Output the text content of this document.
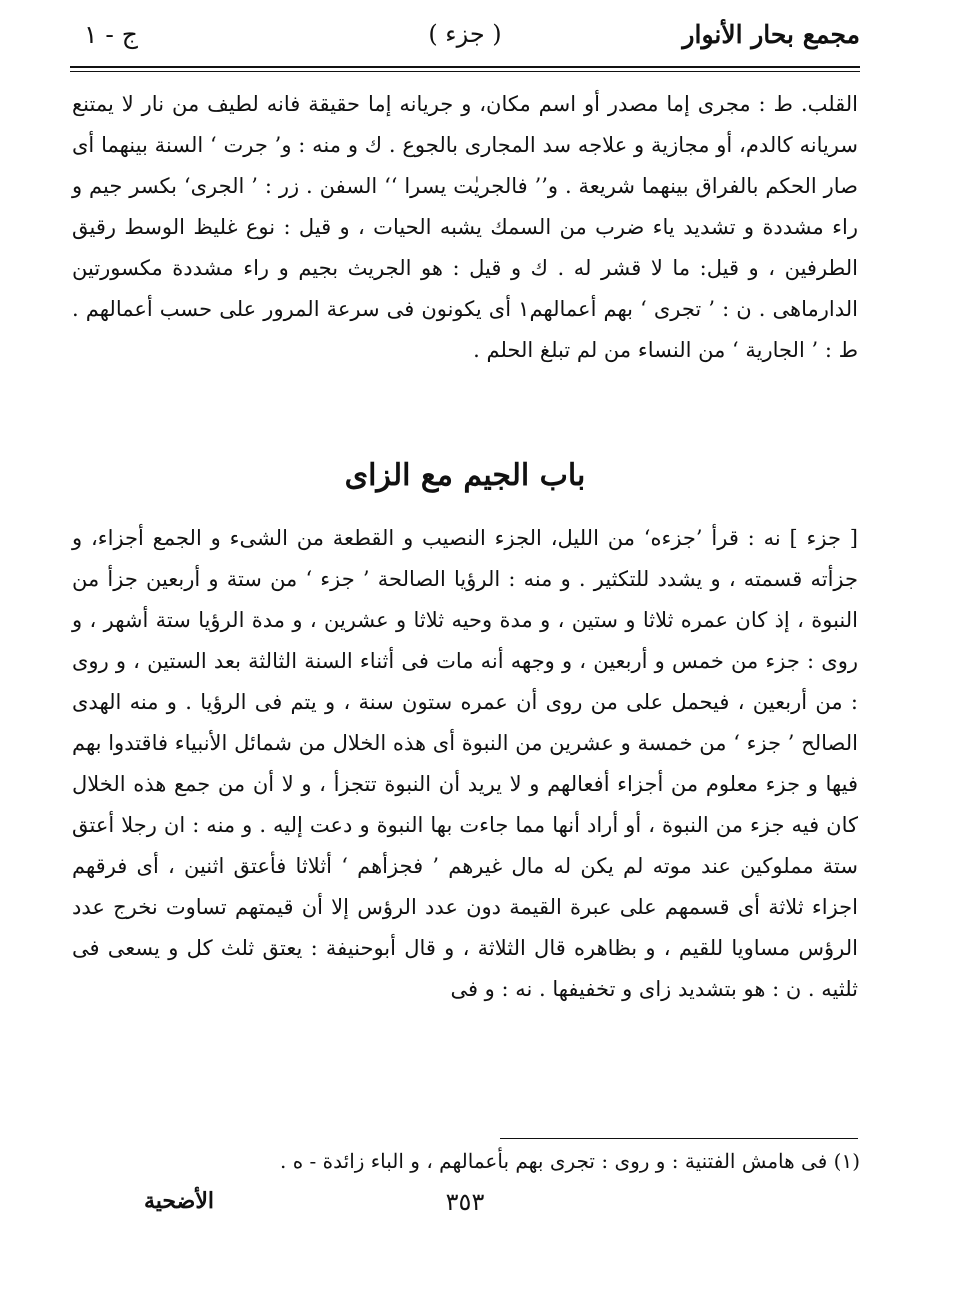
مجمع بحار الأنوار
( جزء )
ج - ١

القلب. ط : مجرى إما مصدر أو اسم مكان، و جريانه إما حقيقة فانه لطيف من نار لا يمتنع سريانه كالدم، أو مجازية و علاجه سد المجارى بالجوع . ك و منه : و’ جرت ‘ السنة بينهما أى صار الحكم بالفراق بينهما شريعة . و’’ فالجريٰت يسرا ‘‘ السفن . زر : ’ الجرى‘ بكسر جيم و راء مشددة و تشديد ياء ضرب من السمك يشبه الحيات ، و قيل : نوع غليظ الوسط رقيق الطرفين ، و قيل: ما لا قشر له . ك و قيل : هو الجريث بجيم و راء مشددة مكسورتين الدارماهى . ن : ’ تجرى ‘ بهم أعمالهم١ أى يكونون فى سرعة المرور على حسب أعمالهم . ط : ’ الجارية ‘ من النساء من لم تبلغ الحلم .

باب الجيم مع الزاى

[ جزء ] نه : قرأ ’جزءه‘ من الليل، الجزء النصيب و القطعة من الشىء و الجمع أجزاء، و جزأته قسمته ، و يشدد للتكثير . و منه : الرؤيا الصالحة ’ جزء ‘ من ستة و أربعين جزأ من النبوة ، إذ كان عمره ثلاثا و ستين ، و مدة وحيه ثلاثا و عشرين ، و مدة الرؤيا ستة أشهر ، و روى : جزء من خمس و أربعين ، و وجهه أنه مات فى أثناء السنة الثالثة بعد الستين ، و روى : من أربعين ، فيحمل على من روى أن عمره ستون سنة ، و يتم فى الرؤيا . و منه الهدى الصالح ’ جزء ‘ من خمسة و عشرين من النبوة أى هذه الخلال من شمائل الأنبياء فاقتدوا بهم فيها و جزء معلوم من أجزاء أفعالهم و لا يريد أن النبوة تتجزأ ، و لا أن من جمع هذه الخلال كان فيه جزء من النبوة ، أو أراد أنها مما جاءت بها النبوة و دعت إليه . و منه : ان رجلا أعتق ستة مملوكين عند موته لم يكن له مال غيرهم ’ فجزأهم ‘ أثلاثا فأعتق اثنين ، أى فرقهم اجزاء ثلاثة أى قسمهم على عبرة القيمة دون عدد الرؤس إلا أن قيمتهم تساوت نخرج عدد الرؤس مساويا للقيم ، و بظاهره قال الثلاثة ، و قال أبوحنيفة : يعتق ثلث كل و يسعى فى ثلثيه . ن : هو بتشديد زاى و تخفيفها . نه : و فى

(١) فى هامش الفتنية : و روى : تجرى بهم بأعمالهم ، و الباء زائدة - ه .
٣٥٣
الأضحية
